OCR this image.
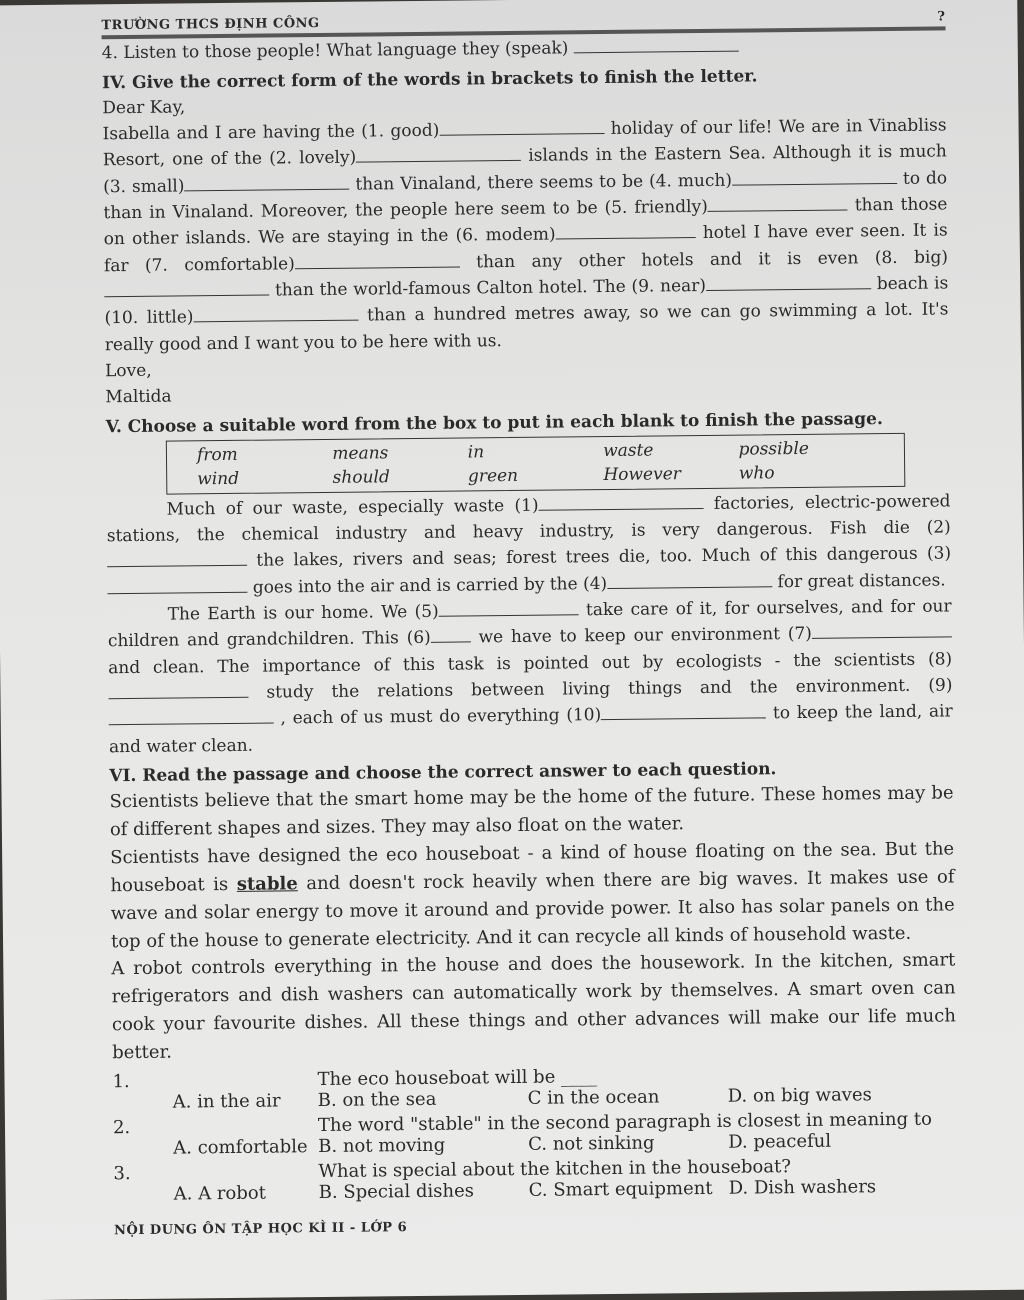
TRƯỜNG THCS ĐỊNH CÔNG	?
4. Listen to those people! What language they (speak)
IV. Give the correct form of the words in brackets to finish the letter.
Dear Kay,
Isabella and I are having the (1. good)	holiday of our life! We are in Vinabliss Resort, one of the (2. lovely)	islands in the Eastern Sea. Although it is much (3. small)	than Vinaland, there seems to be (4. much)	to do than in Vinaland. Moreover, the people here seem to be (5. friendly)	than those on other islands. We are staying in the (6. modem)	hotel I have ever seen. It is far (7. comfortable)	than any other hotels and it is even (8. big) than the world-famous Calton hotel. The (9. near)	beach is (10. little)	than a hundred metres away, so we can go swimming a lot. It's really good and I want you to be here with us.
Love,
Maltida
V. Choose a suitable word from the box to put in each blank to finish the passage.
from	means	in	waste	possible
wind	should	green	However	who
Much of our waste, especially waste (1)	factories, electric-powered stations, the chemical industry and heavy industry, is very dangerous. Fish die (2) the lakes, rivers and seas; forest trees die, too. Much of this dangerous (3) goes into the air and is carried by the (4)	for great distances.
The Earth is our home. We (5)	take care of it, for ourselves, and for our children and grandchildren. This (6)	we have to keep our environment (7) and clean. The importance of this task is pointed out by ecologists - the scientists (8) study the relations between living things and the environment. (9) , each of us must do everything (10)	to keep the land, air and water clean.
VI. Read the passage and choose the correct answer to each question.

Scientists believe that the smart home may be the home of the future. These homes may be of different shapes and sizes. They may also float on the water.

Scientists have designed the eco houseboat - a kind of house floating on the sea. But the houseboat is stable and doesn't rock heavily when there are big waves. It makes use of wave and solar energy to move it around and provide power. It also has solar panels on the top of the house to generate electricity. And it can recycle all kinds of household waste.

A robot controls everything in the house and does the housework. In the kitchen, smart refrigerators and dish washers can automatically work by themselves. A smart oven can cook your favourite dishes. All these things and other advances will make our life much better.

1.	The eco houseboat will be ____
A. in the air	B. on the sea	C in the ocean	D. on big waves
2.	The word "stable" in the second paragraph is closest in meaning to
A. comfortable B. not moving	C. not sinking	D. peaceful
3.	What is special about the kitchen in the houseboat?
A. A robot	B. Special dishes	C. Smart equipment D. Dish washers
NỘI DUNG ÔN TẬP HỌC KÌ II - LỚP 6
